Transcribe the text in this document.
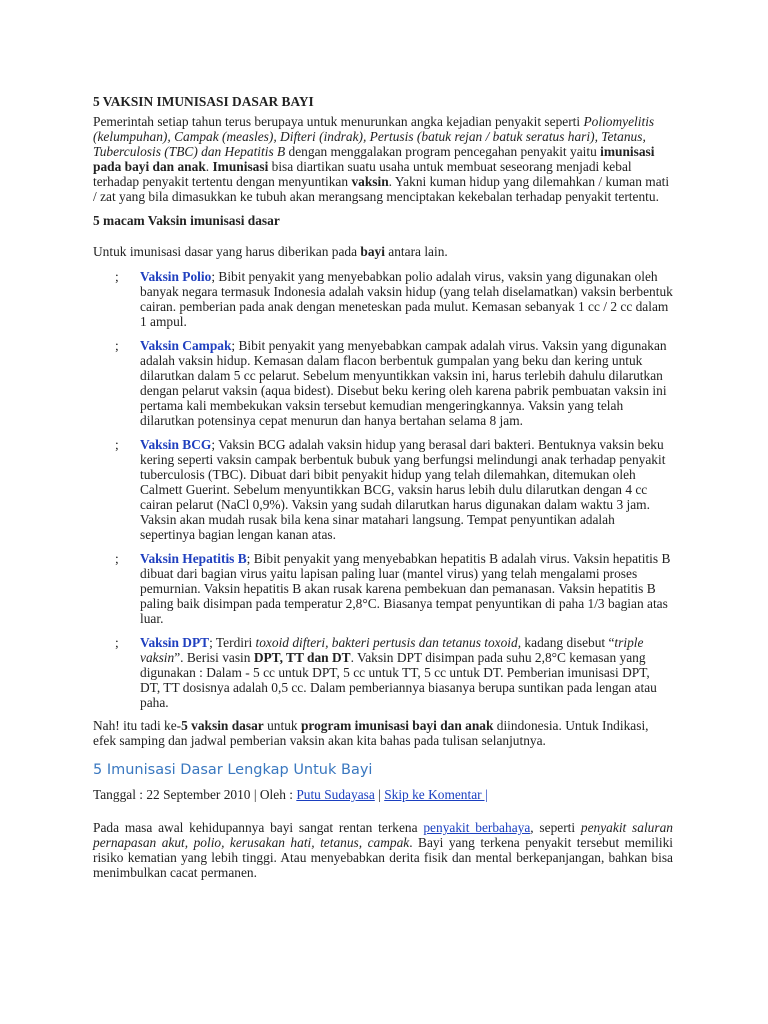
5 VAKSIN IMUNISASI DASAR BAYI

Pemerintah setiap tahun terus berupaya untuk menurunkan angka kejadian penyakit seperti Poliomyelitis (kelumpuhan), Campak (measles), Difteri (indrak), Pertusis (batuk rejan / batuk seratus hari), Tetanus, Tuberculosis (TBC) dan Hepatitis B dengan menggalakan program pencegahan penyakit yaitu imunisasi pada bayi dan anak. Imunisasi bisa diartikan suatu usaha untuk membuat seseorang menjadi kebal terhadap penyakit tertentu dengan menyuntikan vaksin. Yakni kuman hidup yang dilemahkan / kuman mati / zat yang bila dimasukkan ke tubuh akan merangsang menciptakan kekebalan terhadap penyakit tertentu.

5 macam Vaksin imunisasi dasar

Untuk imunisasi dasar yang harus diberikan pada bayi antara lain.

; Vaksin Polio; Bibit penyakit yang menyebabkan polio adalah virus, vaksin yang digunakan oleh banyak negara termasuk Indonesia adalah vaksin hidup (yang telah diselamatkan) vaksin berbentuk cairan. pemberian pada anak dengan meneteskan pada mulut. Kemasan sebanyak 1 cc / 2 cc dalam 1 ampul.
; Vaksin Campak; Bibit penyakit yang menyebabkan campak adalah virus. Vaksin yang digunakan adalah vaksin hidup. Kemasan dalam flacon berbentuk gumpalan yang beku dan kering untuk dilarutkan dalam 5 cc pelarut. Sebelum menyuntikkan vaksin ini, harus terlebih dahulu dilarutkan dengan pelarut vaksin (aqua bidest). Disebut beku kering oleh karena pabrik pembuatan vaksin ini pertama kali membekukan vaksin tersebut kemudian mengeringkannya. Vaksin yang telah dilarutkan potensinya cepat menurun dan hanya bertahan selama 8 jam.
; Vaksin BCG; Vaksin BCG adalah vaksin hidup yang berasal dari bakteri. Bentuknya vaksin beku kering seperti vaksin campak berbentuk bubuk yang berfungsi melindungi anak terhadap penyakit tuberculosis (TBC). Dibuat dari bibit penyakit hidup yang telah dilemahkan, ditemukan oleh Calmett Guerint. Sebelum menyuntikkan BCG, vaksin harus lebih dulu dilarutkan dengan 4 cc cairan pelarut (NaCl 0,9%). Vaksin yang sudah dilarutkan harus digunakan dalam waktu 3 jam. Vaksin akan mudah rusak bila kena sinar matahari langsung. Tempat penyuntikan adalah sepertinya bagian lengan kanan atas.
; Vaksin Hepatitis B; Bibit penyakit yang menyebabkan hepatitis B adalah virus. Vaksin hepatitis B dibuat dari bagian virus yaitu lapisan paling luar (mantel virus) yang telah mengalami proses pemurnian. Vaksin hepatitis B akan rusak karena pembekuan dan pemanasan. Vaksin hepatitis B paling baik disimpan pada temperatur 2,8°C. Biasanya tempat penyuntikan di paha 1/3 bagian atas luar.
; Vaksin DPT; Terdiri toxoid difteri, bakteri pertusis dan tetanus toxoid, kadang disebut “triple vaksin”. Berisi vasin DPT, TT dan DT. Vaksin DPT disimpan pada suhu 2,8°C kemasan yang digunakan : Dalam - 5 cc untuk DPT, 5 cc untuk TT, 5 cc untuk DT. Pemberian imunisasi DPT, DT, TT dosisnya adalah 0,5 cc. Dalam pemberiannya biasanya berupa suntikan pada lengan atau paha.

Nah! itu tadi ke-5 vaksin dasar untuk program imunisasi bayi dan anak diindonesia. Untuk Indikasi, efek samping dan jadwal pemberian vaksin akan kita bahas pada tulisan selanjutnya.

5 Imunisasi Dasar Lengkap Untuk Bayi

Tanggal : 22 September 2010 | Oleh : Putu Sudayasa | Skip ke Komentar |

Pada masa awal kehidupannya bayi sangat rentan terkena penyakit berbahaya, seperti penyakit saluran pernapasan akut, polio, kerusakan hati, tetanus, campak. Bayi yang terkena penyakit tersebut memiliki risiko kematian yang lebih tinggi. Atau menyebabkan derita fisik dan mental berkepanjangan, bahkan bisa menimbulkan cacat permanen.
